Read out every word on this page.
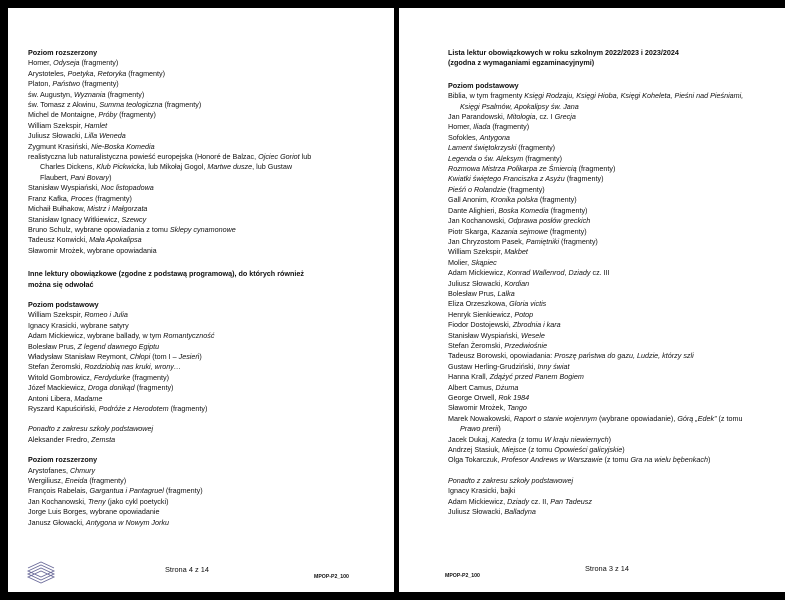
Poziom rozszerzony
Homer, Odyseja (fragmenty)
Arystoteles, Poetyka, Retoryka (fragmenty)
Platon, Państwo (fragmenty)
św. Augustyn, Wyznania (fragmenty)
św. Tomasz z Akwinu, Summa teologiczna (fragmenty)
Michel de Montaigne, Próby (fragmenty)
William Szekspir, Hamlet
Juliusz Słowacki, Lilla Weneda
Zygmunt Krasiński, Nie-Boska Komedia
realistyczna lub naturalistyczna powieść europejska (Honoré de Balzac, Ojciec Goriot lub
Charles Dickens, Klub Pickwicka, lub Mikołaj Gogol, Martwe dusze, lub Gustaw
Flaubert, Pani Bovary)
Stanisław Wyspiański, Noc listopadowa
Franz Kafka, Proces (fragmenty)
Michaił Bułhakow, Mistrz i Małgorzata
Stanisław Ignacy Witkiewicz, Szewcy
Bruno Schulz, wybrane opowiadania z tomu Sklepy cynamonowe
Tadeusz Konwicki, Mała Apokalipsa
Sławomir Mrożek, wybrane opowiadania
Inne lektury obowiązkowe (zgodne z podstawą programową), do których również
można się odwołać
Poziom podstawowy
William Szekspir, Romeo i Julia
Ignacy Krasicki, wybrane satyry
Adam Mickiewicz, wybrane ballady, w tym Romantyczność
Bolesław Prus, Z legend dawnego Egiptu
Władysław Stanisław Reymont, Chłopi (tom I – Jesień)
Stefan Żeromski, Rozdziobią nas kruki, wrony…
Witold Gombrowicz, Ferdydurke (fragmenty)
Józef Mackiewicz, Droga donikąd (fragmenty)
Antoni Libera, Madame
Ryszard Kapuściński, Podróże z Herodotem (fragmenty)
Ponadto z zakresu szkoły podstawowej
Aleksander Fredro, Zemsta
Poziom rozszerzony
Arystofanes, Chmury
Wergiliusz, Eneida (fragmenty)
François Rabelais, Gargantua i Pantagruel (fragmenty)
Jan Kochanowski, Treny (jako cykl poetycki)
Jorge Luis Borges, wybrane opowiadanie
Janusz Głowacki, Antygona w Nowym Jorku
Strona 4 z 14
MPOP-P2_100
Lista lektur obowiązkowych w roku szkolnym 2022/2023 i 2023/2024
(zgodna z wymaganiami egzaminacyjnymi)
Poziom podstawowy
Biblia, w tym fragmenty Księgi Rodzaju, Księgi Hioba, Księgi Koheleta, Pieśni nad Pieśniami,
Księgi Psalmów, Apokalipsy św. Jana
Jan Parandowski, Mitologia, cz. I Grecja
Homer, Iliada (fragmenty)
Sofokles, Antygona
Lament świętokrzyski (fragmenty)
Legenda o św. Aleksym (fragmenty)
Rozmowa Mistrza Polikarpa ze Śmiercią (fragmenty)
Kwiatki świętego Franciszka z Asyżu (fragmenty)
Pieśń o Rolandzie (fragmenty)
Gall Anonim, Kronika polska (fragmenty)
Dante Alighieri, Boska Komedia (fragmenty)
Jan Kochanowski, Odprawa posłów greckich
Piotr Skarga, Kazania sejmowe (fragmenty)
Jan Chryzostom Pasek, Pamiętniki (fragmenty)
William Szekspir, Makbet
Molier, Skąpiec
Adam Mickiewicz, Konrad Wallenrod, Dziady cz. III
Juliusz Słowacki, Kordian
Bolesław Prus, Lalka
Eliza Orzeszkowa, Gloria victis
Henryk Sienkiewicz, Potop
Fiodor Dostojewski, Zbrodnia i kara
Stanisław Wyspiański, Wesele
Stefan Żeromski, Przedwiośnie
Tadeusz Borowski, opowiadania: Proszę państwa do gazu, Ludzie, którzy szli
Gustaw Herling-Grudziński, Inny świat
Hanna Krall, Zdążyć przed Panem Bogiem
Albert Camus, Dżuma
George Orwell, Rok 1984
Sławomir Mrożek, Tango
Marek Nowakowski, Raport o stanie wojennym (wybrane opowiadanie), Górą „Edek” (z tomu
Prawo prerii)
Jacek Dukaj, Katedra (z tomu W kraju niewiernych)
Andrzej Stasiuk, Miejsce (z tomu Opowieści galicyjskie)
Olga Tokarczuk, Profesor Andrews w Warszawie (z tomu Gra na wielu bębenkach)
Ponadto z zakresu szkoły podstawowej
Ignacy Krasicki, bajki
Adam Mickiewicz, Dziady cz. II, Pan Tadeusz
Juliusz Słowacki, Balladyna
MPOP-P2_100
Strona 3 z 14
